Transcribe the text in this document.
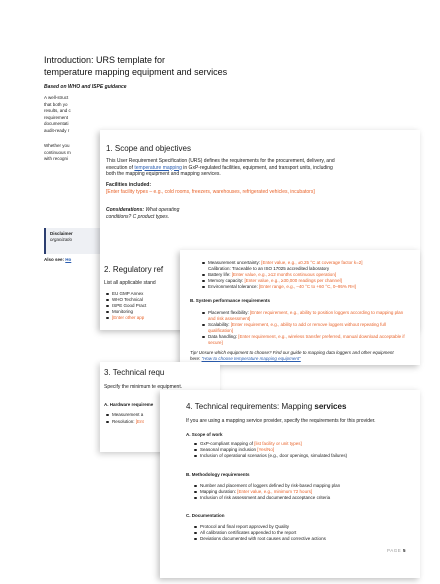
Introduction: URS template for
temperature mapping equipment and services
Based on WHO and ISPE guidance
A well-struct
that both yo
results, and c
requirement
documentati
audit-ready r
Whether you
continuous m
with recogni
Disclaimer
organizatio
Also see: Ho
1. Scope and objectives
This User Requirement Specification (URS) defines the requirements for the procurement, delivery, and execution of temperature mapping in GxP-regulated facilities, equipment, and transport units, including both the mapping equipment and mapping services.
Facilities included:
[Enter facility types – e.g., cold rooms, freezers, warehouses, refrigerated vehicles, incubators]
Considerations: What operating conditions? C product types.
2. Regulatory ref
List all applicable stand
EU GMP Annex
WHO Technical
ISPE Good Pract
Monitoring
[Enter other app
Measurement uncertainty: [Enter value, e.g., ±0.25 °C at coverage factor k=2]
Calibration: Traceable to an ISO 17025 accredited laboratory
Battery life: [Enter value, e.g., ≥12 months continuous operation]
Memory capacity: [Enter value, e.g., ≥30,000 readings per channel]
Environmental tolerance: [Enter range, e.g., –40 °C to +60 °C, 0–95% RH]
B. System performance requirements
Placement flexibility: [Enter requirement, e.g., ability to position loggers according to mapping plan and risk assessment]
Scalability: [Enter requirement, e.g., ability to add or remove loggers without repeating full qualification]
Data handling: [Enter requirement, e.g., wireless transfer preferred, manual download acceptable if secure]
Tip! Unsure which equipment to choose? Find our guide to mapping data loggers and other equipment here: "How to choose temperature mapping equipment"
3. Technical requ
Specify the minimum te equipment.
A. Hardware requireme
Measurement a
Resolution: [Ent
4. Technical requirements: Mapping services
If you are using a mapping service provider, specify the requirements for this provider.
A. Scope of work
GxP-compliant mapping of [list facility or unit types]
Seasonal mapping inclusion [Yes/No]
Inclusion of operational scenarios (e.g., door openings, simulated failures)
B. Methodology requirements
Number and placement of loggers defined by risk-based mapping plan
Mapping duration: [Enter value, e.g., minimum 72 hours]
Inclusion of risk assessment and documented acceptance criteria
C. Documentation
Protocol and final report approved by Quality
All calibration certificates appended to the report
Deviations documented with root causes and corrective actions
PAGE 5
